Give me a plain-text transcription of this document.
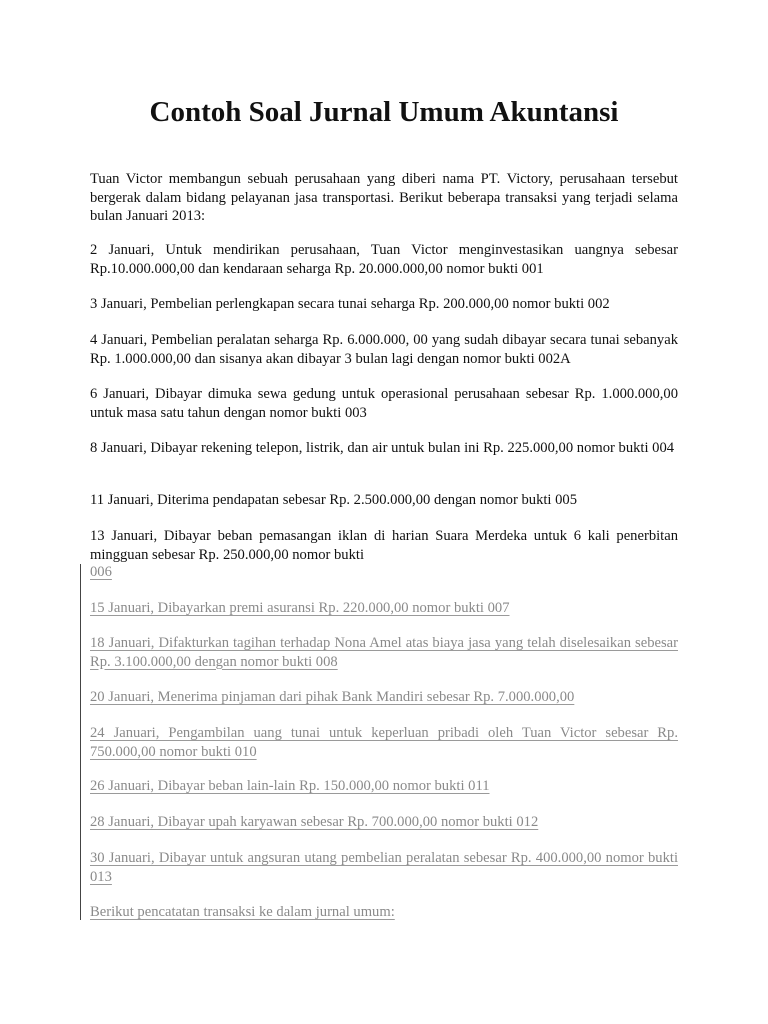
Contoh Soal Jurnal Umum Akuntansi

Tuan Victor membangun sebuah perusahaan yang diberi nama PT. Victory, perusahaan tersebut bergerak dalam bidang pelayanan jasa transportasi. Berikut beberapa transaksi yang terjadi selama bulan Januari 2013:

2 Januari, Untuk mendirikan perusahaan, Tuan Victor menginvestasikan uangnya sebesar Rp.10.000.000,00 dan kendaraan seharga Rp. 20.000.000,00 nomor bukti 001

3 Januari, Pembelian perlengkapan secara tunai seharga Rp. 200.000,00 nomor bukti 002

4 Januari, Pembelian peralatan seharga Rp. 6.000.000, 00 yang sudah dibayar secara tunai sebanyak Rp. 1.000.000,00 dan sisanya akan dibayar 3 bulan lagi dengan nomor bukti 002A

6 Januari, Dibayar dimuka sewa gedung untuk operasional perusahaan sebesar Rp. 1.000.000,00 untuk masa satu tahun dengan nomor bukti 003

8 Januari, Dibayar rekening telepon, listrik, dan air untuk bulan ini Rp. 225.000,00 nomor bukti 004

11 Januari, Diterima pendapatan sebesar Rp. 2.500.000,00 dengan nomor bukti 005

13 Januari, Dibayar beban pemasangan iklan di harian Suara Merdeka untuk 6 kali penerbitan mingguan sebesar Rp. 250.000,00 nomor bukti

006

15 Januari, Dibayarkan premi asuransi Rp. 220.000,00 nomor bukti 007

18 Januari, Difakturkan tagihan terhadap Nona Amel atas biaya jasa yang telah diselesaikan sebesar Rp. 3.100.000,00 dengan nomor bukti 008

20 Januari, Menerima pinjaman dari pihak Bank Mandiri sebesar Rp. 7.000.000,00

24 Januari, Pengambilan uang tunai untuk keperluan pribadi oleh Tuan Victor sebesar Rp. 750.000,00 nomor bukti 010

26 Januari, Dibayar beban lain-lain Rp. 150.000,00 nomor bukti 011

28 Januari, Dibayar upah karyawan sebesar Rp. 700.000,00 nomor bukti 012

30 Januari, Dibayar untuk angsuran utang pembelian peralatan sebesar Rp. 400.000,00 nomor bukti 013

Berikut pencatatan transaksi ke dalam jurnal umum:
